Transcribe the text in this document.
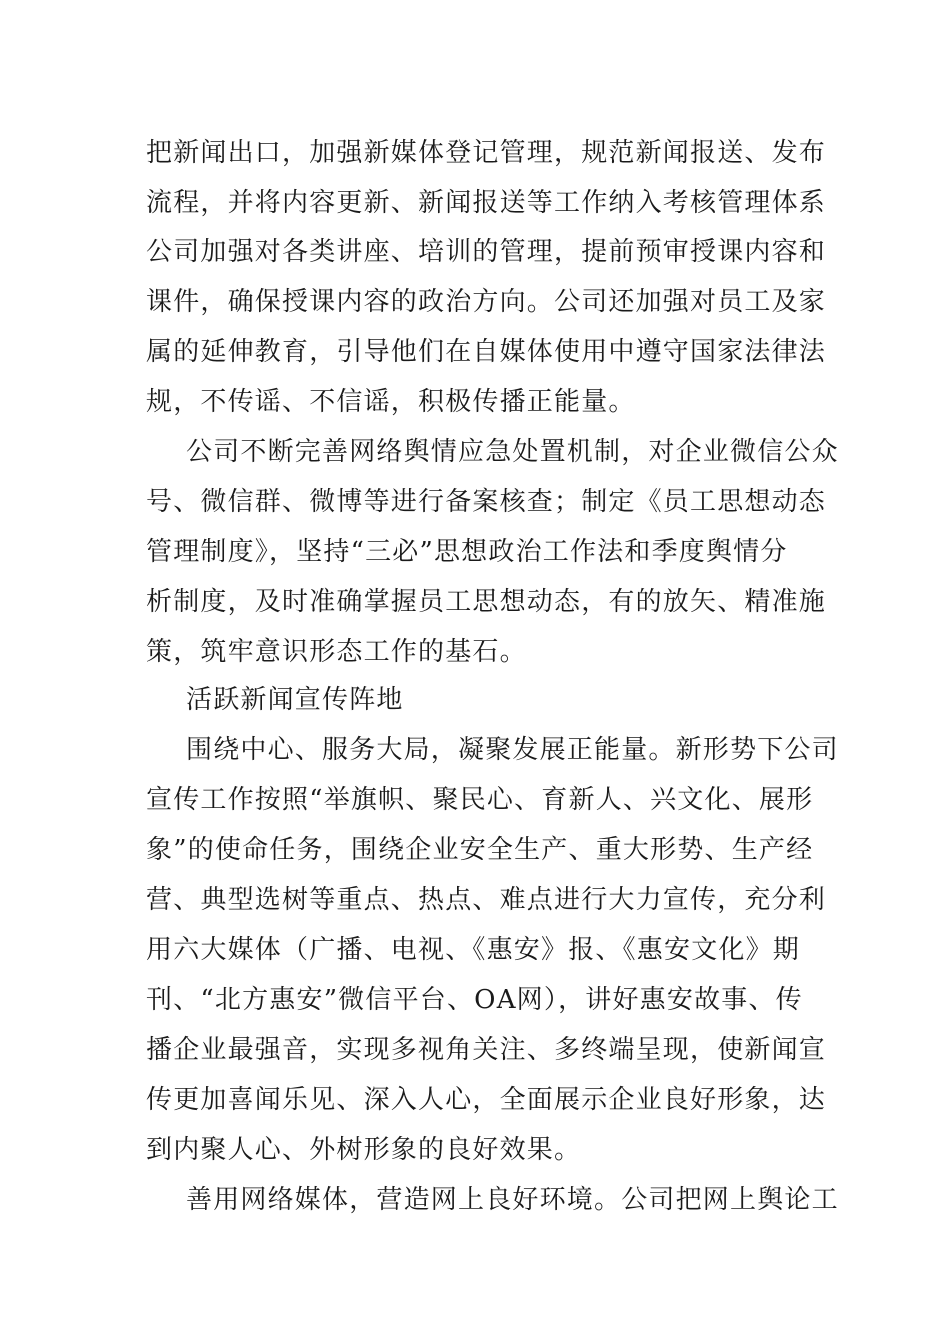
把新闻出口，加强新媒体登记管理，规范新闻报送、发布
流程，并将内容更新、新闻报送等工作纳入考核管理体系
公司加强对各类讲座、培训的管理，提前预审授课内容和
课件，确保授课内容的政治方向。公司还加强对员工及家
属的延伸教育，引导他们在自媒体使用中遵守国家法律法
规，不传谣、不信谣，积极传播正能量。
公司不断完善网络舆情应急处置机制，对企业微信公众
号、微信群、微博等进行备案核查；制定《员工思想动态
管理制度》，坚持“三必”思想政治工作法和季度舆情分
析制度，及时准确掌握员工思想动态，有的放矢、精准施
策，筑牢意识形态工作的基石。
活跃新闻宣传阵地
围绕中心、服务大局，凝聚发展正能量。新形势下公司
宣传工作按照“举旗帜、聚民心、育新人、兴文化、展形
象”的使命任务，围绕企业安全生产、重大形势、生产经
营、典型选树等重点、热点、难点进行大力宣传，充分利
用六大媒体（广播、电视、《惠安》报、《惠安文化》期
刊、“北方惠安”微信平台、OA网），讲好惠安故事、传
播企业最强音，实现多视角关注、多终端呈现，使新闻宣
传更加喜闻乐见、深入人心，全面展示企业良好形象，达
到内聚人心、外树形象的良好效果。
善用网络媒体，营造网上良好环境。公司把网上舆论工
